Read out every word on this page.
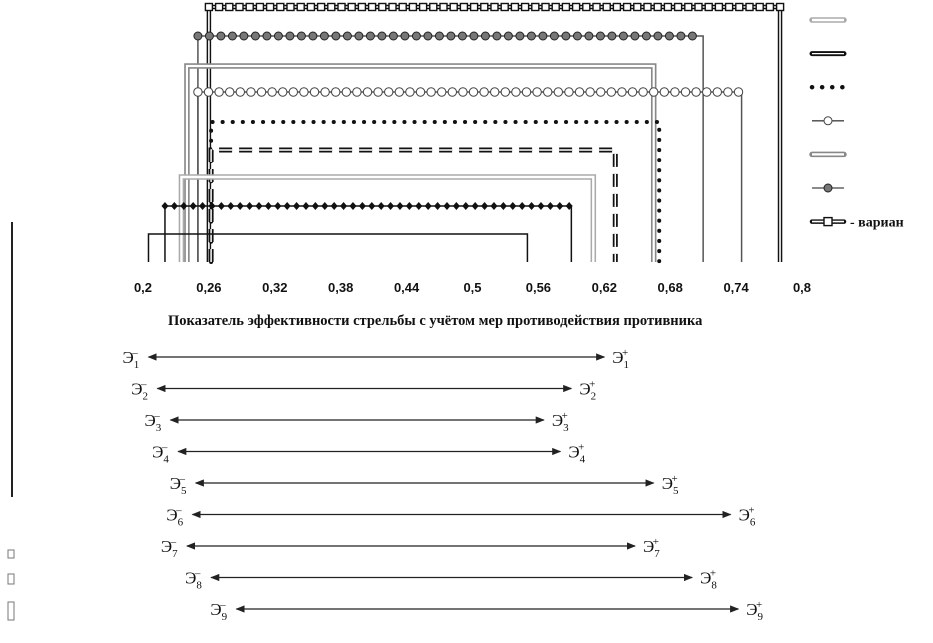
0,2	0,26	0,32	0,38	0,44	0,5	0,56	0,62	0,68	0,74	0,8
Показатель эффективности стрельбы с учётом мер противодействия противника
- вариан
$Э_1-$	$Э_1+$
$Э_2-$	$Э_2+$
$Э_3-$	$Э_3+$
$Э_4-$	$Э_4+$
$Э_5-$	$Э_5+$
$Э_6-$	$Э_6+$
$Э_7-$	$Э_7+$
$Э_8-$	$Э_8+$
$Э_9-$	$Э_9+$
